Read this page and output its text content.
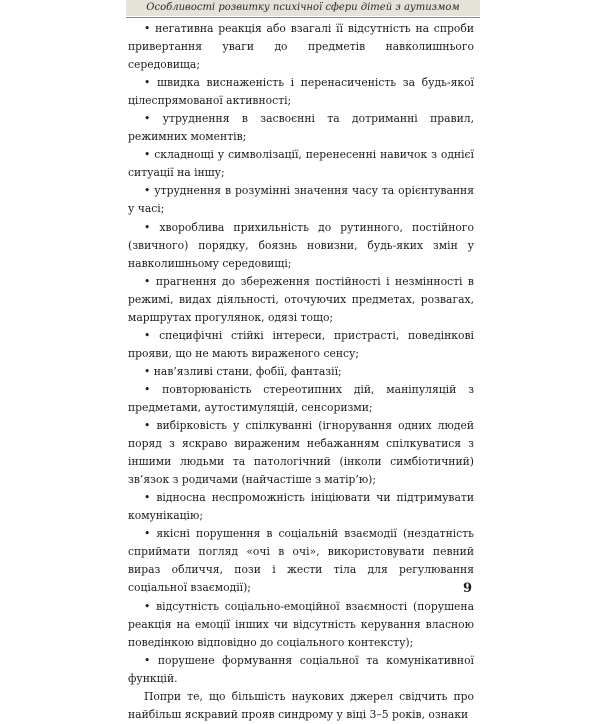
Особливості розвитку психічної сфери дітей з аутизмом

• негативна реакція або взагалі її відсутність на спроби привертання уваги до предметів навколишнього середовища;

• швидка виснаженість і перенасиченість за будь-якої цілеспрямованої активності;

• утруднення в засвоєнні та дотриманні правил, режимних моментів;

• складнощі у символізації, перенесенні навичок з однієї ситуації на іншу;

• утруднення в розумінні значення часу та орієнтування у часі;

• хвороблива прихильність до рутинного, постійного (звичного) порядку, боязнь новизни, будь-яких змін у навколишньому середовищі;

• прагнення до збереження постійності і незмінності в режимі, видах діяльності, оточуючих предметах, розвагах, маршрутах прогулянок, одязі тощо;

• специфічні стійкі інтереси, пристрасті, поведінкові прояви, що не мають вираженого сенсу;

• нав’язливі стани, фобії, фантазії;

• повторюваність стереотипних дій, маніпуляцій з предметами, аутостимуляцій, сенсоризми;

• вибірковість у спілкуванні (ігнорування одних людей поряд з яскраво вираженим небажанням спілкуватися з іншими людьми та патологічний (інколи симбіотичний) зв’язок з родичами (найчастіше з матір’ю);

• відносна неспроможність ініціювати чи підтримувати комунікацію;

• якісні порушення в соціальній взаємодії (нездатність сприймати погляд «очі в очі», використовувати певний вираз обличчя, пози і жести тіла для регулювання соціальної взаємодії);

• відсутність соціально-емоційної взаємності (порушена реакція на емоції інших чи відсутність керування власною поведінкою відповідно до соціального контексту);

• порушене формування соціальної та комунікативної функцій.

Попри те, що більшість наукових джерел свідчить про найбільш яскравий прояв синдрому у віці 3–5 років, ознаки

9
